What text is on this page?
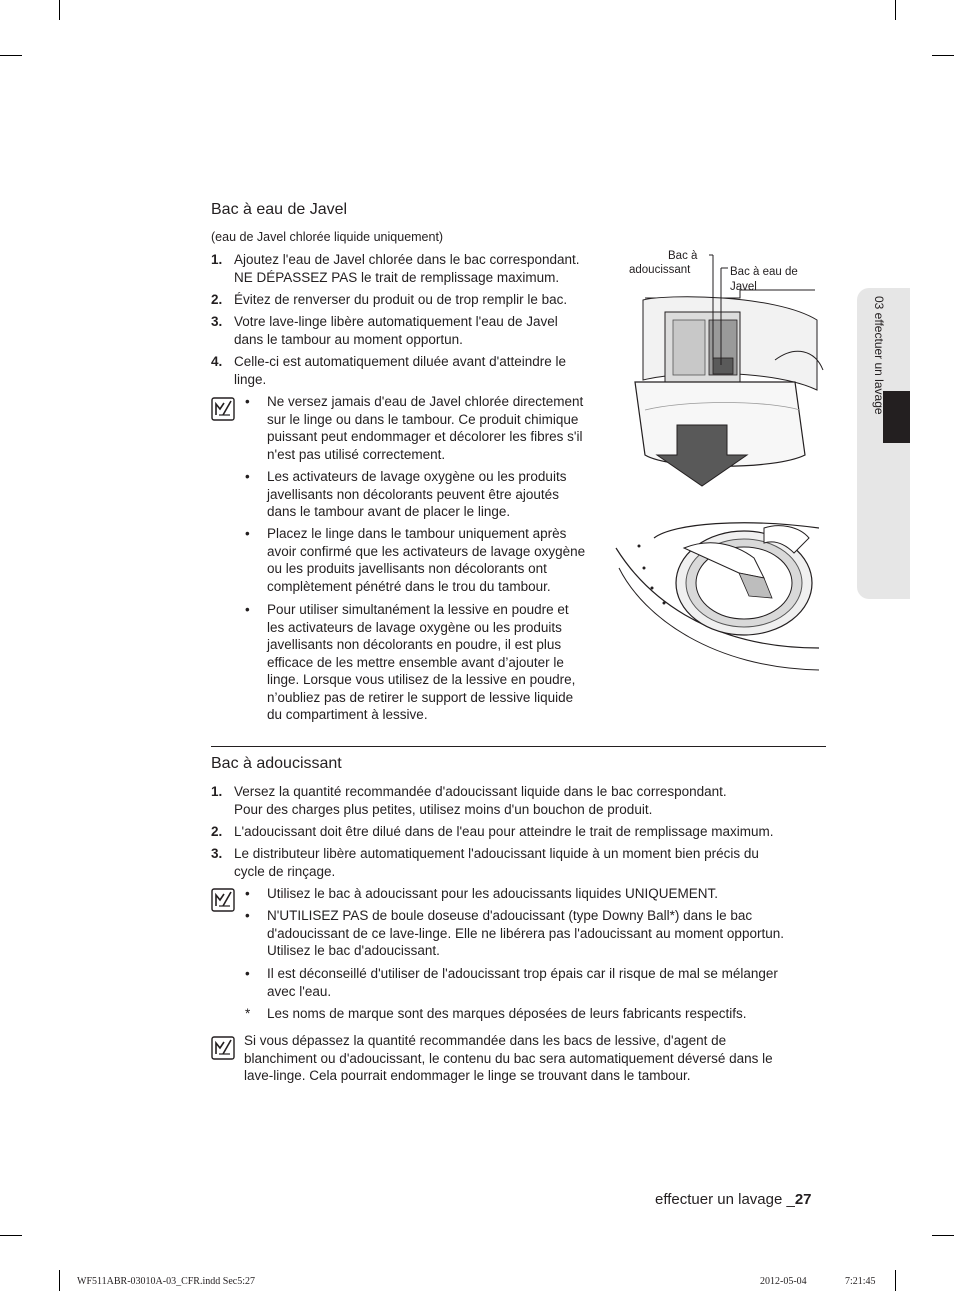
03 effectuer un lavage
Bac à eau de Javel
(eau de Javel chlorée liquide uniquement)
1. Ajoutez l'eau de Javel chlorée dans le bac correspondant.
NE DÉPASSEZ PAS le trait de remplissage maximum.
2. Évitez de renverser du produit ou de trop remplir le bac.
3. Votre lave-linge libère automatiquement l'eau de Javel
dans le tambour au moment opportun.
4. Celle-ci est automatiquement diluée avant d'atteindre le
linge.
• Ne versez jamais d'eau de Javel chlorée directement
sur le linge ou dans le tambour. Ce produit chimique
puissant peut endommager et décolorer les fibres s'il
n'est pas utilisé correctement.
• Les activateurs de lavage oxygène ou les produits
javellisants non décolorants peuvent être ajoutés
dans le tambour avant de placer le linge.
• Placez le linge dans le tambour uniquement après
avoir confirmé que les activateurs de lavage oxygène
ou les produits javellisants non décolorants ont
complètement pénétré dans le trou du tambour.
• Pour utiliser simultanément la lessive en poudre et
les activateurs de lavage oxygène ou les produits
javellisants non décolorants en poudre, il est plus
efficace de les mettre ensemble avant d’ajouter le
linge. Lorsque vous utilisez de la lessive en poudre,
n’oubliez pas de retirer le support de lessive liquide
du compartiment à lessive.
Bac à
adoucissant	Bac à eau de
Javel
Bac à adoucissant
1. Versez la quantité recommandée d'adoucissant liquide dans le bac correspondant.
Pour des charges plus petites, utilisez moins d'un bouchon de produit.
2. L'adoucissant doit être dilué dans de l'eau pour atteindre le trait de remplissage maximum.
3. Le distributeur libère automatiquement l'adoucissant liquide à un moment bien précis du
cycle de rinçage.
• Utilisez le bac à adoucissant pour les adoucissants liquides UNIQUEMENT.
• N'UTILISEZ PAS de boule doseuse d'adoucissant (type Downy Ball*) dans le bac
d'adoucissant de ce lave-linge. Elle ne libérera pas l'adoucissant au moment opportun.
Utilisez le bac d'adoucissant.
• Il est déconseillé d'utiliser de l'adoucissant trop épais car il risque de mal se mélanger
avec l'eau.
* Les noms de marque sont des marques déposées de leurs fabricants respectifs.
Si vous dépassez la quantité recommandée dans les bacs de lessive, d'agent de
blanchiment ou d'adoucissant, le contenu du bac sera automatiquement déversé dans le
lave-linge. Cela pourrait endommager le linge se trouvant dans le tambour.
effectuer un lavage _27
WF511ABR-03010A-03_CFR.indd Sec5:27	2012-05-04	7:21:45
